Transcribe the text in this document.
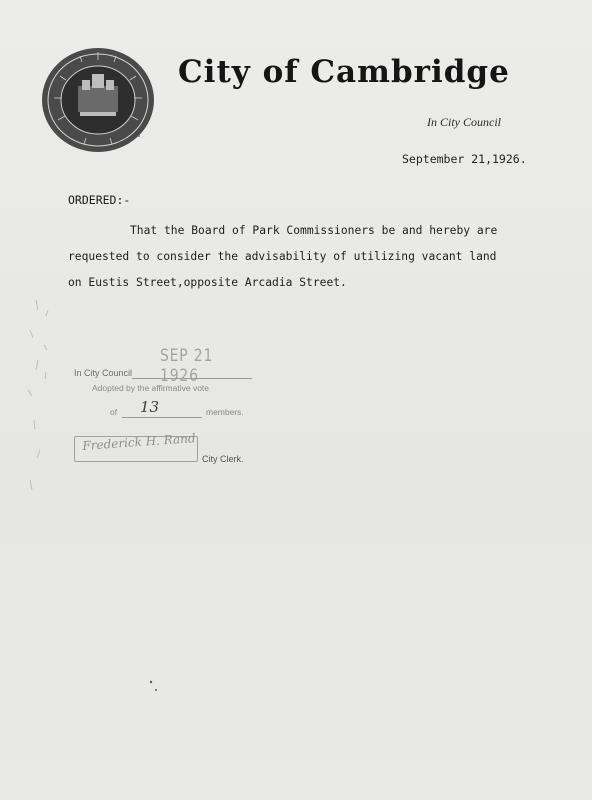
City of Cambridge
In City Council
September 21,1926.
ORDERED:-
That the Board of Park Commissioners be and hereby are
requested to consider the advisability of utilizing vacant land
on Eustis Street,opposite Arcadia Street.
SEP 21 1926
In City Council
Adopted by the affirmative vote
of 13	members.
Frederick H. Rand
City Clerk.
